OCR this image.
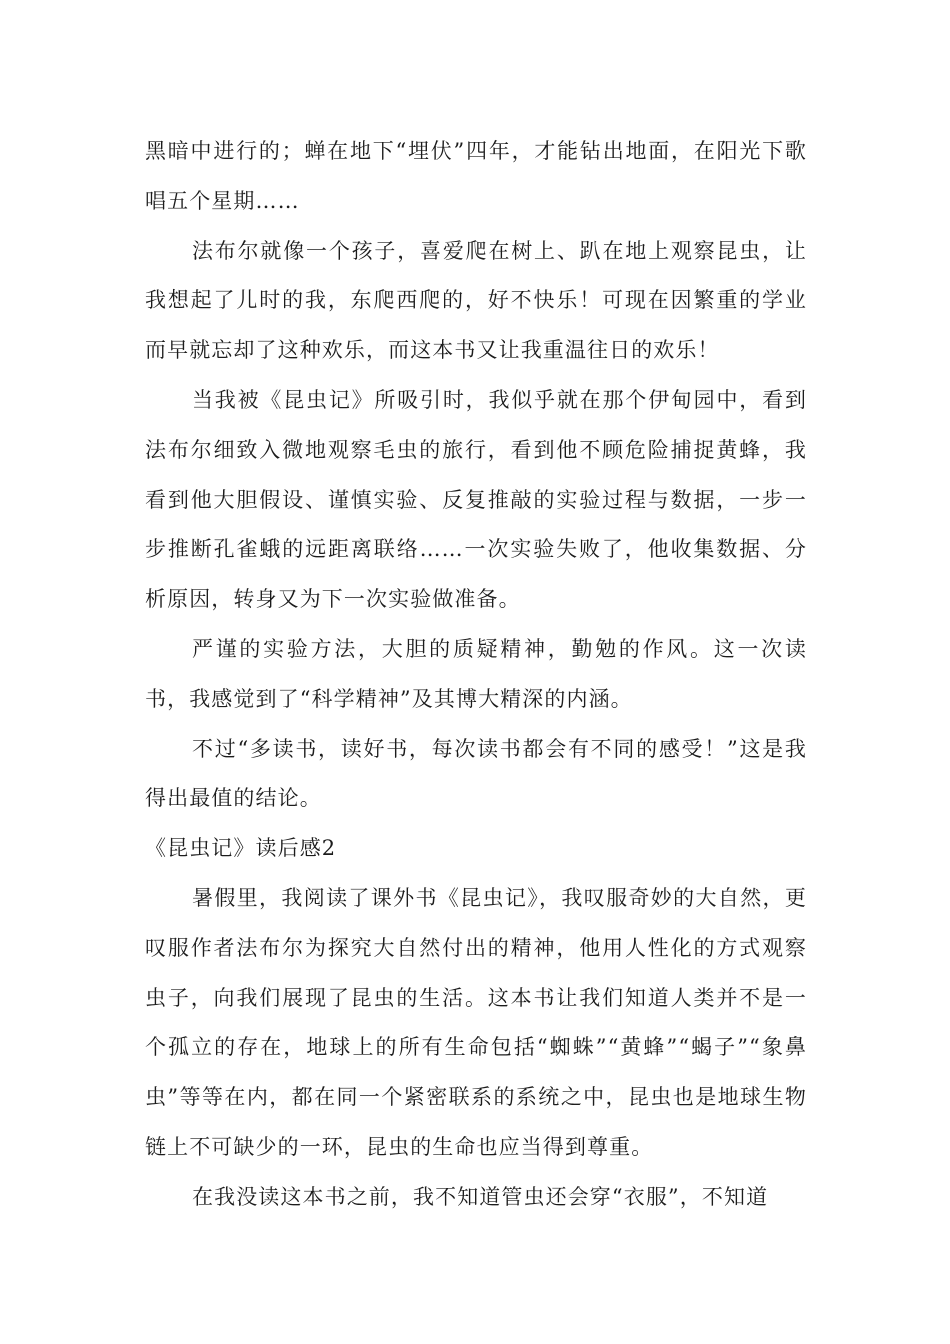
黑暗中进行的；蝉在地下“埋伏”四年，才能钻出地面，在阳光下歌唱五个星期……

法布尔就像一个孩子，喜爱爬在树上、趴在地上观察昆虫，让我想起了儿时的我，东爬西爬的，好不快乐！可现在因繁重的学业而早就忘却了这种欢乐，而这本书又让我重温往日的欢乐！

当我被《昆虫记》所吸引时，我似乎就在那个伊甸园中，看到法布尔细致入微地观察毛虫的旅行，看到他不顾危险捕捉黄蜂，我看到他大胆假设、谨慎实验、反复推敲的实验过程与数据，一步一步推断孔雀蛾的远距离联络……一次实验失败了，他收集数据、分析原因，转身又为下一次实验做准备。

严谨的实验方法，大胆的质疑精神，勤勉的作风。这一次读书，我感觉到了“科学精神”及其博大精深的内涵。

不过“多读书，读好书，每次读书都会有不同的感受！”这是我得出最值的结论。

《昆虫记》读后感2

暑假里，我阅读了课外书《昆虫记》，我叹服奇妙的大自然，更叹服作者法布尔为探究大自然付出的精神，他用人性化的方式观察虫子，向我们展现了昆虫的生活。这本书让我们知道人类并不是一个孤立的存在，地球上的所有生命包括“蜘蛛”“黄蜂”“蝎子”“象鼻虫”等等在内，都在同一个紧密联系的系统之中，昆虫也是地球生物链上不可缺少的一环，昆虫的生命也应当得到尊重。

在我没读这本书之前，我不知道管虫还会穿“衣服”，不知道
